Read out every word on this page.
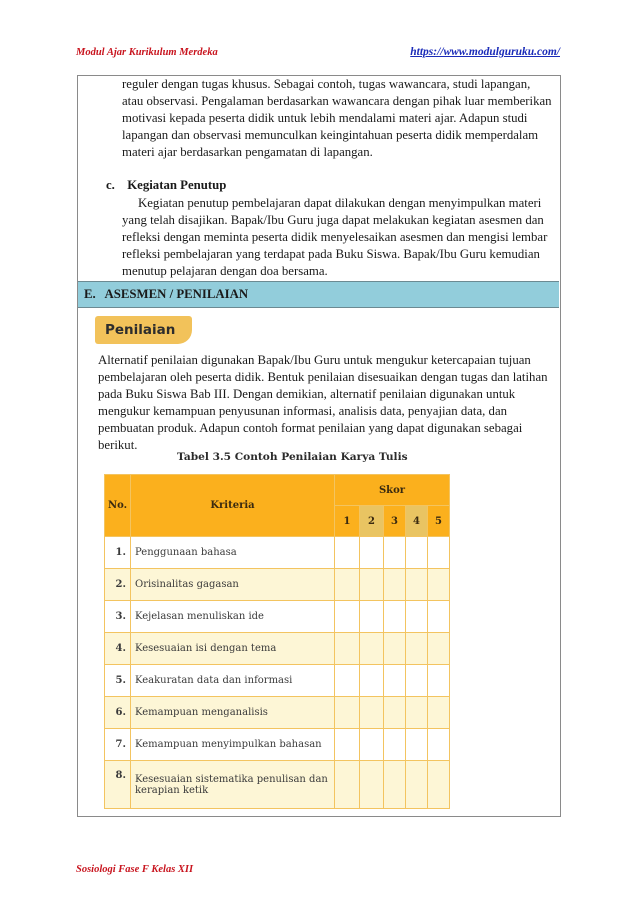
Modul Ajar Kurikulum Merdeka	https://www.modulguruku.com/
reguler dengan tugas khusus. Sebagai contoh, tugas wawancara, studi lapangan, atau observasi. Pengalaman berdasarkan wawancara dengan pihak luar memberikan motivasi kepada peserta didik untuk lebih mendalami materi ajar. Adapun studi lapangan dan observasi memunculkan keingintahuan peserta didik memperdalam materi ajar berdasarkan pengamatan di lapangan.
c. Kegiatan Penutup
Kegiatan penutup pembelajaran dapat dilakukan dengan menyimpulkan materi yang telah disajikan. Bapak/Ibu Guru juga dapat melakukan kegiatan asesmen dan refleksi dengan meminta peserta didik menyelesaikan asesmen dan mengisi lembar refleksi pembelajaran yang terdapat pada Buku Siswa. Bapak/Ibu Guru kemudian menutup pelajaran dengan doa bersama.
E. ASESMEN / PENILAIAN
Penilaian
Alternatif penilaian digunakan Bapak/Ibu Guru untuk mengukur ketercapaian tujuan pembelajaran oleh peserta didik. Bentuk penilaian disesuaikan dengan tugas dan latihan pada Buku Siswa Bab III. Dengan demikian, alternatif penilaian digunakan untuk mengukur kemampuan penyusunan informasi, analisis data, penyajian data, dan pembuatan produk. Adapun contoh format penilaian yang dapat digunakan sebagai berikut.
Tabel 3.5 Contoh Penilaian Karya Tulis
No.	Kriteria	Skor				
		1	2	3	4	5
1.	Penggunaan bahasa					
2.	Orisinalitas gagasan					
3.	Kejelasan menuliskan ide					
4.	Kesesuaian isi dengan tema					
5.	Keakuratan data dan informasi					
6.	Kemampuan menganalisis					
7.	Kemampuan menyimpulkan bahasan					
8.	Kesesuaian sistematika penulisan dan kerapian ketik					
Sosiologi Fase F Kelas XII
